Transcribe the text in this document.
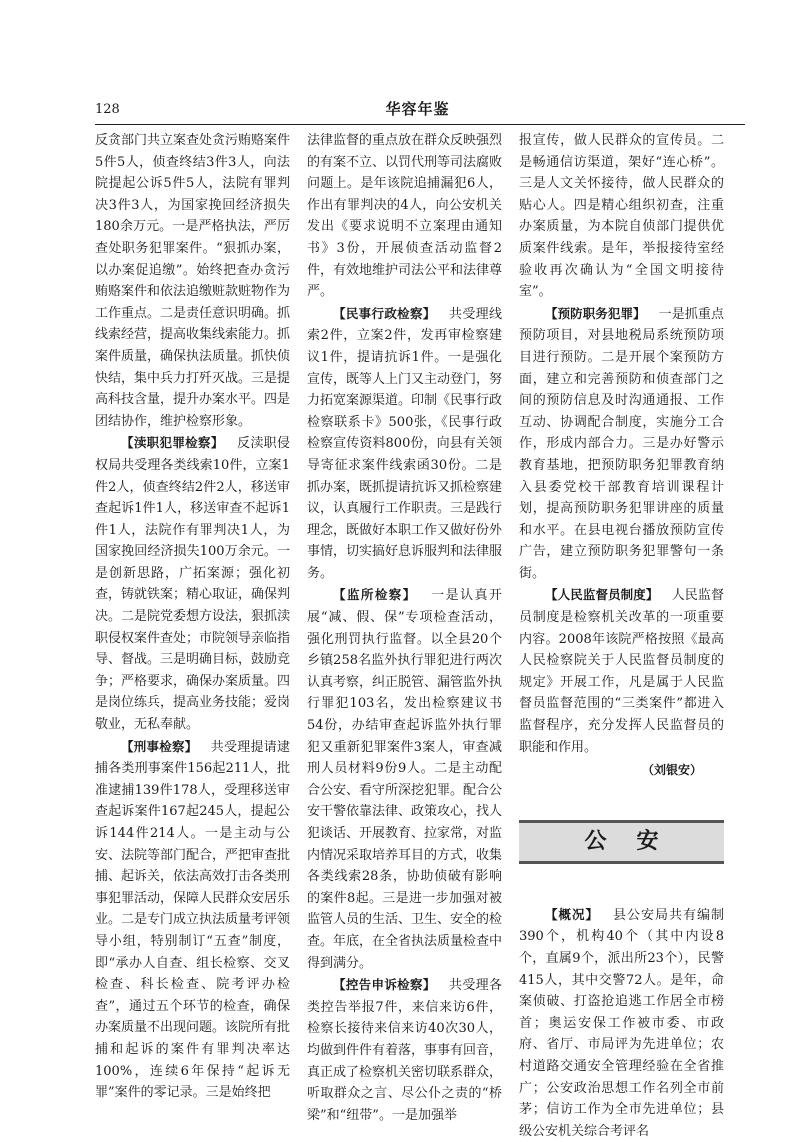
128	华容年鉴

反贪部门共立案查处贪污贿赂案件5件5人，侦查终结3件3人，向法院提起公诉5件5人，法院有罪判决3件3人，为国家挽回经济损失180余万元。一是严格执法，严厉查处职务犯罪案件。“狠抓办案，以办案促追缴”。始终把查办贪污贿赂案件和依法追缴赃款赃物作为工作重点。二是责任意识明确。抓线索经营，提高收集线索能力。抓案件质量，确保执法质量。抓快侦快结，集中兵力打歼灭战。三是提高科技含量，提升办案水平。四是团结协作，维护检察形象。

【渎职犯罪检察】  反渎职侵权局共受理各类线索10件，立案1件2人，侦查终结2件2人，移送审查起诉1件1人，移送审查不起诉1件1人，法院作有罪判决1人，为国家挽回经济损失100万余元。一是创新思路，广拓案源；强化初查，铸就铁案；精心取证，确保判决。二是院党委想方设法，狠抓渎职侵权案件查处；市院领导亲临指导、督战。三是明确目标，鼓励竞争；严格要求，确保办案质量。四是岗位练兵，提高业务技能；爱岗敬业，无私奉献。

【刑事检察】  共受理提请逮捕各类刑事案件156起211人，批准逮捕139件178人，受理移送审查起诉案件167起245人，提起公诉144件214人。一是主动与公安、法院等部门配合，严把审查批捕、起诉关，依法高效打击各类刑事犯罪活动，保障人民群众安居乐业。二是专门成立执法质量考评领导小组，特别制订“五查”制度，即“承办人自查、组长检察、交叉检查、科长检查、院考评办检查”，通过五个环节的检查，确保办案质量不出现问题。该院所有批捕和起诉的案件有罪判决率达100%，连续6年保持“起诉无罪”案件的零记录。三是始终把

法律监督的重点放在群众反映强烈的有案不立、以罚代刑等司法腐败问题上。是年该院追捕漏犯6人，作出有罪判决的4人，向公安机关发出《要求说明不立案理由通知书》3份，开展侦查活动监督2件，有效地维护司法公平和法律尊严。

【民事行政检察】  共受理线索2件，立案2件，发再审检察建议1件，提请抗诉1件。一是强化宣传，既等人上门又主动登门，努力拓宽案源渠道。印制《民事行政检察联系卡》500张，《民事行政检察宣传资料800份，向县有关领导寄征求案件线索函30份。二是抓办案，既抓提请抗诉又抓检察建议，认真履行工作职责。三是践行理念，既做好本职工作又做好份外事情，切实搞好息诉服判和法律服务。

【监所检察】  一是认真开展“减、假、保”专项检查活动，强化刑罚执行监督。以全县20个乡镇258名监外执行罪犯进行两次认真考察，纠正脱管、漏管监外执行罪犯103名，发出检察建议书54份，办结审查起诉监外执行罪犯又重新犯罪案件3案人，审查减刑人员材料9份9人。二是主动配合公安、看守所深挖犯罪。配合公安干警依靠法律、政策攻心，找人犯谈话、开展教育、拉家常，对监内情况采取培养耳目的方式，收集各类线索28条，协助侦破有影响的案件8起。三是进一步加强对被监管人员的生活、卫生、安全的检查。年底，在全省执法质量检查中得到满分。

【控告申诉检察】  共受理各类控告举报7件，来信来访6件，检察长接待来信来访40次30人，均做到件件有着落，事事有回音，真正成了检察机关密切联系群众，听取群众之言、尽公仆之责的“桥梁”和“纽带”。一是加强举

报宣传，做人民群众的宣传员。二是畅通信访渠道，架好“连心桥”。三是人文关怀接待，做人民群众的贴心人。四是精心组织初查，注重办案质量，为本院自侦部门提供优质案件线索。是年，举报接待室经验收再次确认为“全国文明接待室”。

【预防职务犯罪】  一是抓重点预防项目，对县地税局系统预防项目进行预防。二是开展个案预防方面，建立和完善预防和侦查部门之间的预防信息及时沟通通报、工作互动、协调配合制度，实施分工合作，形成内部合力。三是办好警示教育基地，把预防职务犯罪教育纳入县委党校干部教育培训课程计划，提高预防职务犯罪讲座的质量和水平。在县电视台播放预防宣传广告，建立预防职务犯罪警句一条街。

【人民监督员制度】  人民监督员制度是检察机关改革的一项重要内容。2008年该院严格按照《最高人民检察院关于人民监督员制度的规定》开展工作，凡是属于人民监督员监督范围的“三类案件”都进入监督程序，充分发挥人民监督员的职能和作用。

（刘银安）
公安

【概况】  县公安局共有编制390个，机构40个（其中内设8个，直属9个，派出所23个），民警415人，其中交警72人。是年，命案侦破、打盗抢追逃工作居全市榜首；奥运安保工作被市委、市政府、省厅、市局评为先进单位；农村道路交通安全管理经验在全省推广；公安政治思想工作名列全市前茅；信访工作为全市先进单位；县级公安机关综合考评名
